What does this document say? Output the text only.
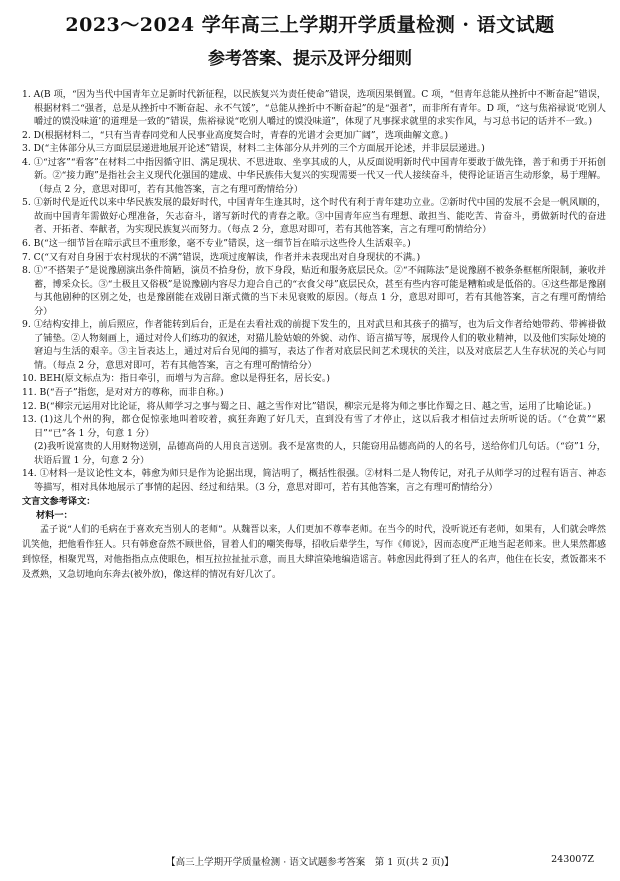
2023～2024 学年高三上学期开学质量检测 · 语文试题
参考答案、提示及评分细则

1. A(B 项，“因为当代中国青年立足新时代新征程，以民族复兴为责任使命”错误，选项因果倒置。C 项，“但青年总能从挫折中不断奋起”错误，根据材料二“强者，总是从挫折中不断奋起、永不气馁”，“总能从挫折中不断奋起”的是“强者”，而非所有青年。D 项，“这与焦裕禄说‘吃别人嚼过的馍没味道’的道理是一致的”错误，焦裕禄说“吃别人嚼过的馍没味道”，体现了凡事探求就里的求实作风，与习总书记的话并不一致。)

2. D(根据材料二，“只有当青春同党和人民事业高度契合时，青春的光谱才会更加广阔”，选项曲解文意。)

3. D(“主体部分从三方面层层递进地展开论述”错误，材料二主体部分从并列的三个方面展开论述，并非层层递进。)

4. ①“过客”“看客”在材料二中指因循守旧、满足现状、不思进取、坐享其成的人，从反面说明新时代中国青年要敢于做先锋，善于和勇于开拓创新。②“接力跑”是指社会主义现代化强国的建成、中华民族伟大复兴的实现需要一代又一代人接续奋斗，使得论证语言生动形象，易于理解。（每点 2 分，意思对即可，若有其他答案，言之有理可酌情给分）

5. ①新时代是近代以来中华民族发展的最好时代，中国青年生逢其时，这个时代有利于青年建功立业。②新时代中国的发展不会是一帆风顺的，故而中国青年需做好心理准备，矢志奋斗，谱写新时代的青春之歌。③中国青年应当有理想、敢担当、能吃苦、肯奋斗，勇做新时代的奋进者、开拓者、奉献者，为实现民族复兴而努力。（每点 2 分，意思对即可，若有其他答案，言之有理可酌情给分）

6. B(“这一细节旨在暗示武旦不重形象，毫不专业”错误，这一细节旨在暗示这些伶人生活艰辛。)

7. C(“又有对自身困于农村现状的不满”错误，选项过度解读，作者并未表现出对自身现状的不满。)

8. ①“不搭架子”是说豫剧演出条件简陋，演员不拾身份，放下身段，贴近和服务底层民众。②“不闹陈法”是说豫剧不被条条框框所限制，兼收并蓄，博采众长。③“土极且又俗极”是说豫剧内容尽力迎合自己的“衣食父母”底层民众，甚至有些内容可能是糟粕或是低俗的。④这些都是豫剧与其他剧种的区别之处，也是豫剧能在戏剧日渐式微的当下未见衰败的原因。（每点 1 分，意思对即可，若有其他答案，言之有理可酌情给分）

9. ①结构安排上，前后照应，作者能转到后台，正是在去看社戏的前提下发生的，且对武旦和其孩子的描写，也为后文作者给她带药、带裤褂做了铺垫。②人物刻画上，通过对伶人们练功的叙述，对猫儿脸姑娘的外貌、动作、语言描写等，展现伶人们的敬业精神，以及他们实际处境的窘迫与生活的艰辛。③主旨表达上，通过对后台见闻的描写，表达了作者对底层民间艺术现状的关注，以及对底层艺人生存状况的关心与同情。（每点 2 分，意思对即可，若有其他答案，言之有理可酌情给分）

10. BEH(原文标点为：指日牵引，而增与为言辞。愈以是得狂名，居长安。)

11. B(“吾子”指您，是对对方的尊称，而非自称。)

12. B(“柳宗元运用对比论证，将从师学习之事与蜀之日、越之雪作对比”错误，柳宗元是将为师之事比作蜀之日、越之雪，运用了比喻论证。)

13. (1)这儿个州的狗，都仓促惊张地叫着咬着，疯狂奔跑了好几天，直到没有雪了才停止，这以后我才相信过去所听说的话。（“仓黄”“累日”“已”各 1 分，句意 1 分）

(2)我听说富贵的人用财物送别，品德高尚的人用良言送别。我不是富贵的人，只能窃用品德高尚的人的名号，送给你们几句话。（“窃”1 分，状语后置 1 分，句意 2 分）

14. ①材料一是议论性文本，韩愈为师只是作为论据出现，简洁明了，概括性很强。②材料二是人物传记，对孔子从师学习的过程有语言、神态等描写，相对具体地展示了事情的起因、经过和结果。（3 分，意思对即可，若有其他答案，言之有理可酌情给分）

文言文参考译文：

材料一：

孟子说“人们的毛病在于喜欢充当别人的老师”。从魏晋以来，人们更加不尊奉老师。在当今的时代，没听说还有老师，如果有，人们就会哗然讥笑他，把他看作狂人。只有韩愈奋然不顾世俗，冒着人们的嘲笑侮辱，招收后辈学生，写作《师说》，因而态度严正地当起老师来。世人果然都感到惊怪，相聚咒骂，对他指指点点使眼色，相互拉拉扯扯示意，而且大肆渲染地编造谣言。韩愈因此得到了狂人的名声，他住在长安，煮饭都来不及煮熟，又急切地向东奔去(被外放)，像这样的情况有好几次了。

【高三上学期开学质量检测 · 语文试题参考答案　第 1 页(共 2 页)】	243007Z
